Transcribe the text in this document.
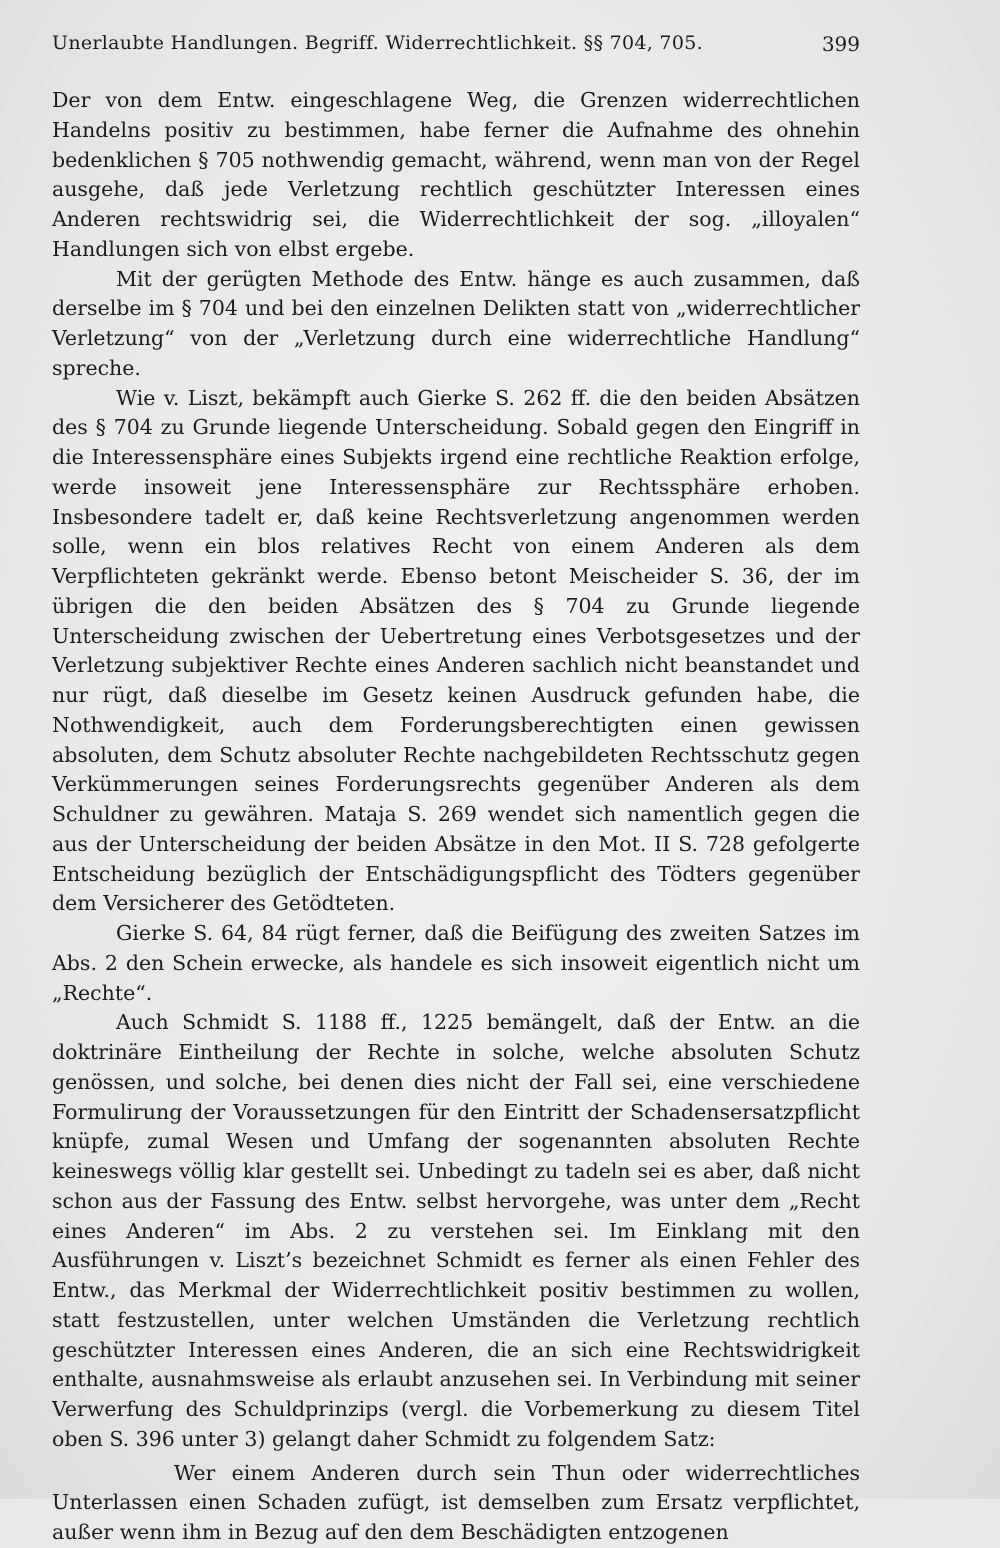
Unerlaubte Handlungen. Begriff. Widerrechtlichkeit. §§ 704, 705.	399

Der von dem Entw. eingeschlagene Weg, die Grenzen widerrechtlichen Handelns positiv zu bestimmen, habe ferner die Aufnahme des ohnehin bedenklichen § 705 nothwendig gemacht, während, wenn man von der Regel ausgehe, daß jede Verletzung rechtlich geschützter Interessen eines Anderen rechtswidrig sei, die Widerrechtlichkeit der sog. „illoyalen“ Handlungen sich von elbst ergebe.

Mit der gerügten Methode des Entw. hänge es auch zusammen, daß derselbe im § 704 und bei den einzelnen Delikten statt von „widerrechtlicher Verletzung“ von der „Verletzung durch eine widerrechtliche Handlung“ spreche.

Wie v. Liszt, bekämpft auch Gierke S. 262 ff. die den beiden Absätzen des § 704 zu Grunde liegende Unterscheidung. Sobald gegen den Eingriff in die Interessensphäre eines Subjekts irgend eine rechtliche Reaktion erfolge, werde insoweit jene Interessensphäre zur Rechtssphäre erhoben. Insbesondere tadelt er, daß keine Rechtsverletzung angenommen werden solle, wenn ein blos relatives Recht von einem Anderen als dem Verpflichteten gekränkt werde. Ebenso betont Meischeider S. 36, der im übrigen die den beiden Absätzen des § 704 zu Grunde liegende Unterscheidung zwischen der Uebertretung eines Verbotsgesetzes und der Verletzung subjektiver Rechte eines Anderen sachlich nicht beanstandet und nur rügt, daß dieselbe im Gesetz keinen Ausdruck gefunden habe, die Nothwendigkeit, auch dem Forderungsberechtigten einen gewissen absoluten, dem Schutz absoluter Rechte nachgebildeten Rechtsschutz gegen Verkümmerungen seines Forderungsrechts gegenüber Anderen als dem Schuldner zu gewähren. Mataja S. 269 wendet sich namentlich gegen die aus der Unterscheidung der beiden Absätze in den Mot. II S. 728 gefolgerte Entscheidung bezüglich der Entschädigungspflicht des Tödters gegenüber dem Versicherer des Getödteten.

Gierke S. 64, 84 rügt ferner, daß die Beifügung des zweiten Satzes im Abs. 2 den Schein erwecke, als handele es sich insoweit eigentlich nicht um „Rechte“.

Auch Schmidt S. 1188 ff., 1225 bemängelt, daß der Entw. an die doktrinäre Eintheilung der Rechte in solche, welche absoluten Schutz genössen, und solche, bei denen dies nicht der Fall sei, eine verschiedene Formulirung der Voraussetzungen für den Eintritt der Schadensersatzpflicht knüpfe, zumal Wesen und Umfang der sogenannten absoluten Rechte keineswegs völlig klar gestellt sei. Unbedingt zu tadeln sei es aber, daß nicht schon aus der Fassung des Entw. selbst hervorgehe, was unter dem „Recht eines Anderen“ im Abs. 2 zu verstehen sei. Im Einklang mit den Ausführungen v. Liszt’s bezeichnet Schmidt es ferner als einen Fehler des Entw., das Merkmal der Widerrechtlichkeit positiv bestimmen zu wollen, statt festzustellen, unter welchen Umständen die Verletzung rechtlich geschützter Interessen eines Anderen, die an sich eine Rechtswidrigkeit enthalte, ausnahmsweise als erlaubt anzusehen sei. In Verbindung mit seiner Verwerfung des Schuldprinzips (vergl. die Vorbemerkung zu diesem Titel oben S. 396 unter 3) gelangt daher Schmidt zu folgendem Satz:

Wer einem Anderen durch sein Thun oder widerrechtliches Unterlassen einen Schaden zufügt, ist demselben zum Ersatz verpflichtet, außer wenn ihm in Bezug auf den dem Beschädigten entzogenen
